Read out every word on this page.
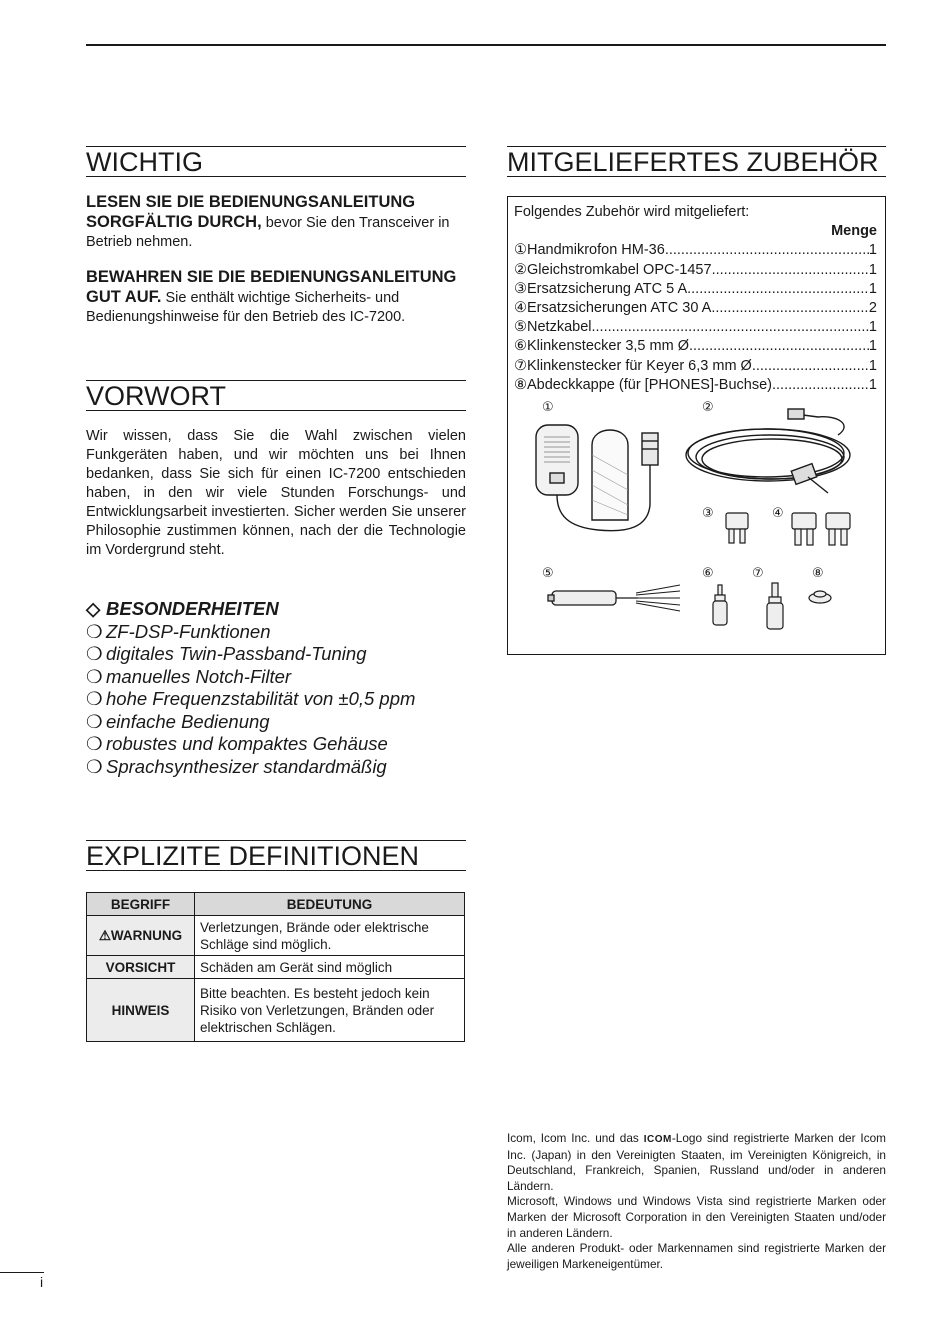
WICHTIG
LESEN SIE DIE BEDIENUNGSANLEITUNG SORGFÄLTIG DURCH, bevor Sie den Transceiver in Betrieb nehmen.
BEWAHREN SIE DIE BEDIENUNGSANLEITUNG GUT AUF. Sie enthält wichtige Sicherheits- und Bedienungshinweise für den Betrieb des IC-7200.
VORWORT
Wir wissen, dass Sie die Wahl zwischen vielen Funkgeräten haben, und wir möchten uns bei Ihnen bedanken, dass Sie sich für einen IC-7200 entschieden haben, in den wir viele Stunden Forschungs- und Entwicklungsarbeit investierten. Sicher werden Sie unserer Philosophie zustimmen können, nach der die Technologie im Vordergrund steht.
◇ BESONDERHEITEN
❍ ZF-DSP-Funktionen
❍ digitales Twin-Passband-Tuning
❍ manuelles Notch-Filter
❍ hohe Frequenzstabilität von ±0,5 ppm
❍ einfache Bedienung
❍ robustes und kompaktes Gehäuse
❍ Sprachsynthesizer standardmäßig
EXPLIZITE DEFINITIONEN
BEGRIFF	BEDEUTUNG
⚠WARNUNG	Verletzungen, Brände oder elektrische Schläge sind möglich.
VORSICHT	Schäden am Gerät sind möglich
HINWEIS	Bitte beachten. Es besteht jedoch kein Risiko von Verletzungen, Bränden oder elektrischen Schlägen.
MITGELIEFERTES ZUBEHÖR
Folgendes Zubehör wird mitgeliefert:
Menge
① Handmikrofon HM-36 .....	1
② Gleichstromkabel OPC-1457 .....	1
③ Ersatzsicherung ATC 5 A .....	1
④ Ersatzsicherungen ATC 30 A .....	2
⑤ Netzkabel .....	1
⑥ Klinkenstecker 3,5 mm Ø .....	1
⑦ Klinkenstecker für Keyer 6,3 mm Ø .....	1
⑧ Abdeckkappe (für [PHONES]-Buchse) .....	1
①	②
③	④
⑤	⑥	⑦	⑧
Icom, Icom Inc. und das ICOM-Logo sind registrierte Marken der Icom Inc. (Japan) in den Vereinigten Staaten, im Vereinigten Königreich, in Deutschland, Frankreich, Spanien, Russland und/oder in anderen Ländern.
Microsoft, Windows und Windows Vista sind registrierte Marken oder Marken der Microsoft Corporation in den Vereinigten Staaten und/oder in anderen Ländern.
Alle anderen Produkt- oder Markennamen sind registrierte Marken der jeweiligen Markeneigentümer.
i
